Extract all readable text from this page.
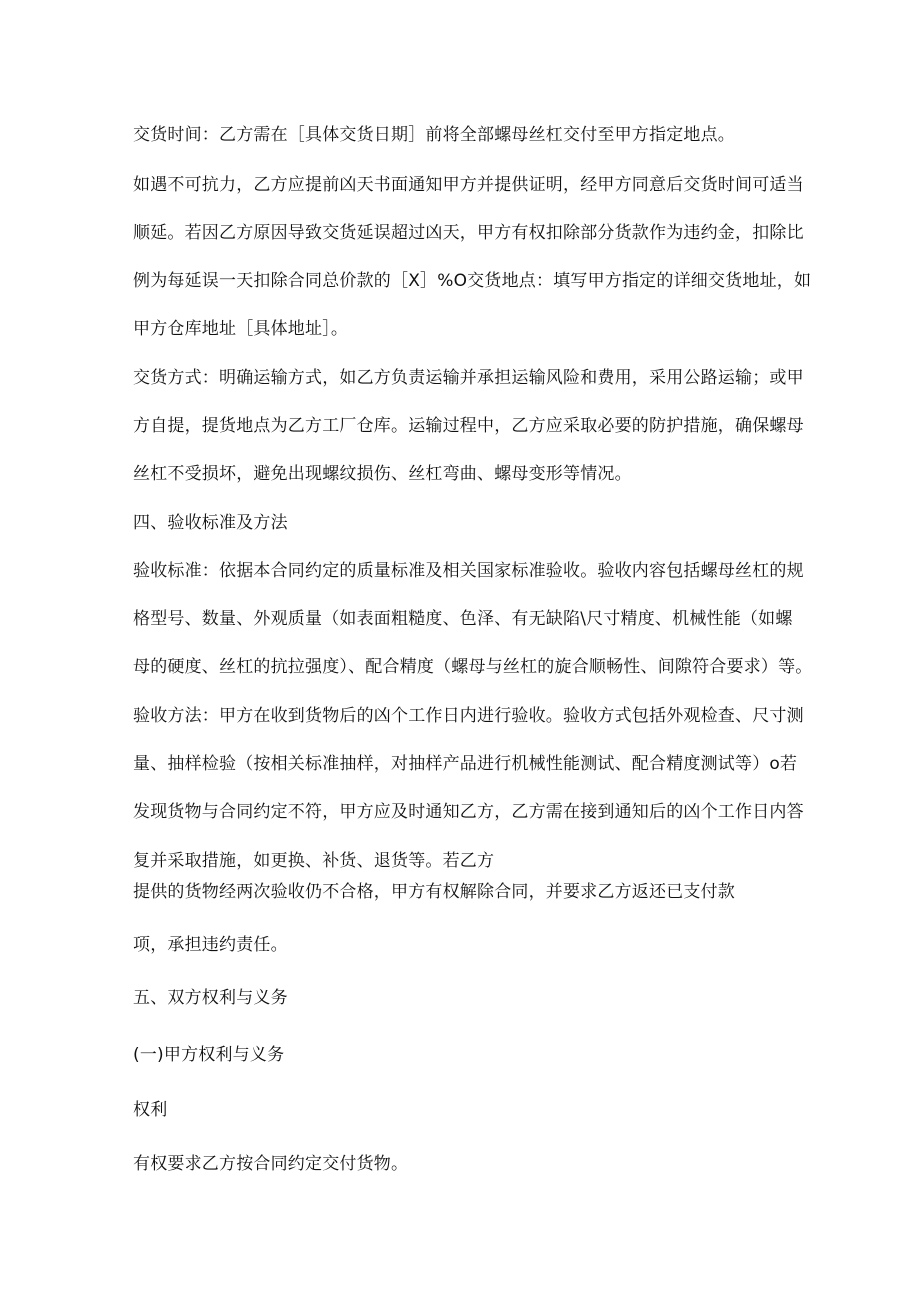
交货时间：乙方需在［具体交货日期］前将全部螺母丝杠交付至甲方指定地点。
如遇不可抗力，乙方应提前凶天书面通知甲方并提供证明，经甲方同意后交货时间可适当
顺延。若因乙方原因导致交货延误超过凶天，甲方有权扣除部分货款作为违约金，扣除比
例为每延误一天扣除合同总价款的［X］%O交货地点：填写甲方指定的详细交货地址，如
甲方仓库地址［具体地址］。
交货方式：明确运输方式，如乙方负责运输并承担运输风险和费用，采用公路运输；或甲
方自提，提货地点为乙方工厂仓库。运输过程中，乙方应采取必要的防护措施，确保螺母
丝杠不受损坏，避免出现螺纹损伤、丝杠弯曲、螺母变形等情况。
四、验收标准及方法
验收标准：依据本合同约定的质量标准及相关国家标准验收。验收内容包括螺母丝杠的规
格型号、数量、外观质量（如表面粗糙度、色泽、有无缺陷\尺寸精度、机械性能（如螺
母的硬度、丝杠的抗拉强度）、配合精度（螺母与丝杠的旋合顺畅性、间隙符合要求）等。
验收方法：甲方在收到货物后的凶个工作日内进行验收。验收方式包括外观检查、尺寸测
量、抽样检验（按相关标准抽样，对抽样产品进行机械性能测试、配合精度测试等）o若
发现货物与合同约定不符，甲方应及时通知乙方，乙方需在接到通知后的凶个工作日内答
复并采取措施，如更换、补货、退货等。若乙方
提供的货物经两次验收仍不合格，甲方有权解除合同，并要求乙方返还已支付款
项，承担违约责任。
五、双方权利与义务
(一)甲方权利与义务
权利
有权要求乙方按合同约定交付货物。
